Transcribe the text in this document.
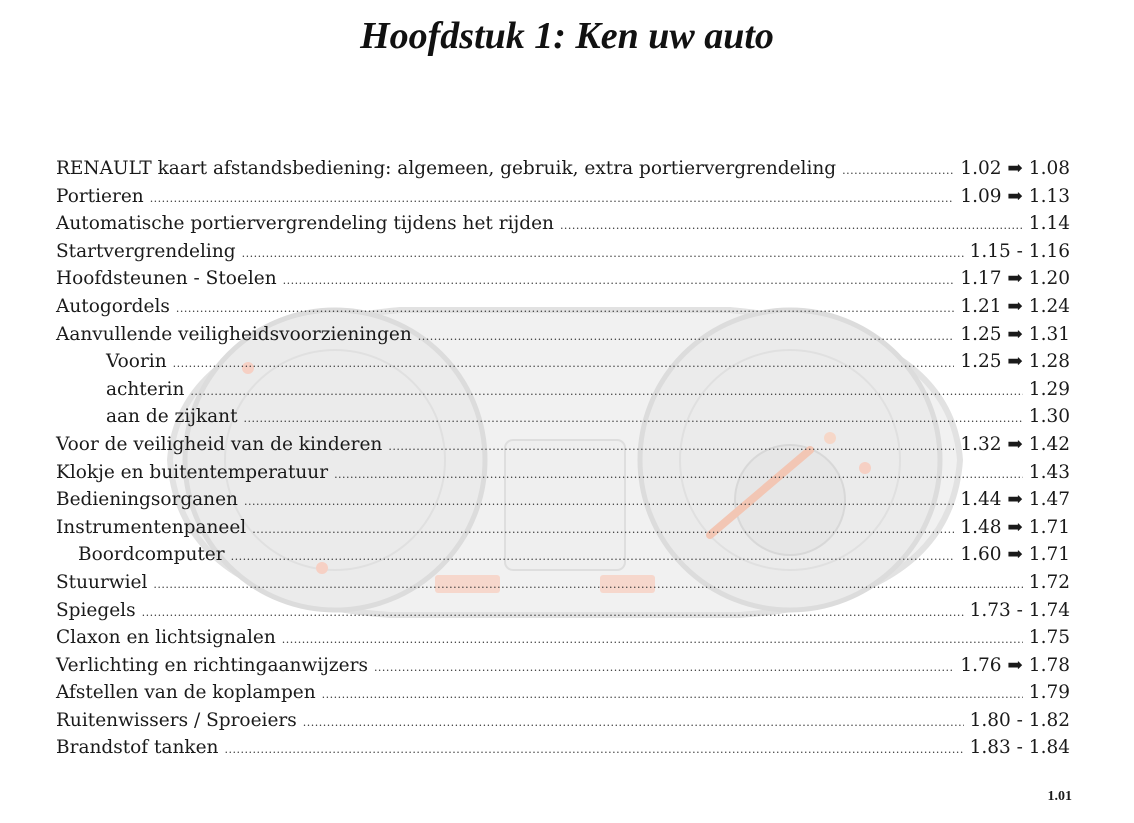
Hoofdstuk 1: Ken uw auto
RENAULT kaart afstandsbediening: algemeen, gebruik, extra portiervergrendeling .....	1.02 ➡ 1.08
Portieren .....	1.09 ➡ 1.13
Automatische portiervergrendeling tijdens het rijden .....	1.14
Startvergrendeling .....	1.15 - 1.16
Hoofdsteunen - Stoelen .....	1.17 ➡ 1.20
Autogordels .....	1.21 ➡ 1.24
Aanvullende veiligheidsvoorzieningen .....	1.25 ➡ 1.31
Voorin .....	1.25 ➡ 1.28
achterin .....	1.29
aan de zijkant .....	1.30
Voor de veiligheid van de kinderen .....	1.32 ➡ 1.42
Klokje en buitentemperatuur .....	1.43
Bedieningsorganen .....	1.44 ➡ 1.47
Instrumentenpaneel .....	1.48 ➡ 1.71
Boordcomputer .....	1.60 ➡ 1.71
Stuurwiel .....	1.72
Spiegels .....	1.73 - 1.74
Claxon en lichtsignalen .....	1.75
Verlichting en richtingaanwijzers .....	1.76 ➡ 1.78
Afstellen van de koplampen .....	1.79
Ruitenwissers / Sproeiers .....	1.80 - 1.82
Brandstof tanken .....	1.83 - 1.84
1.01
